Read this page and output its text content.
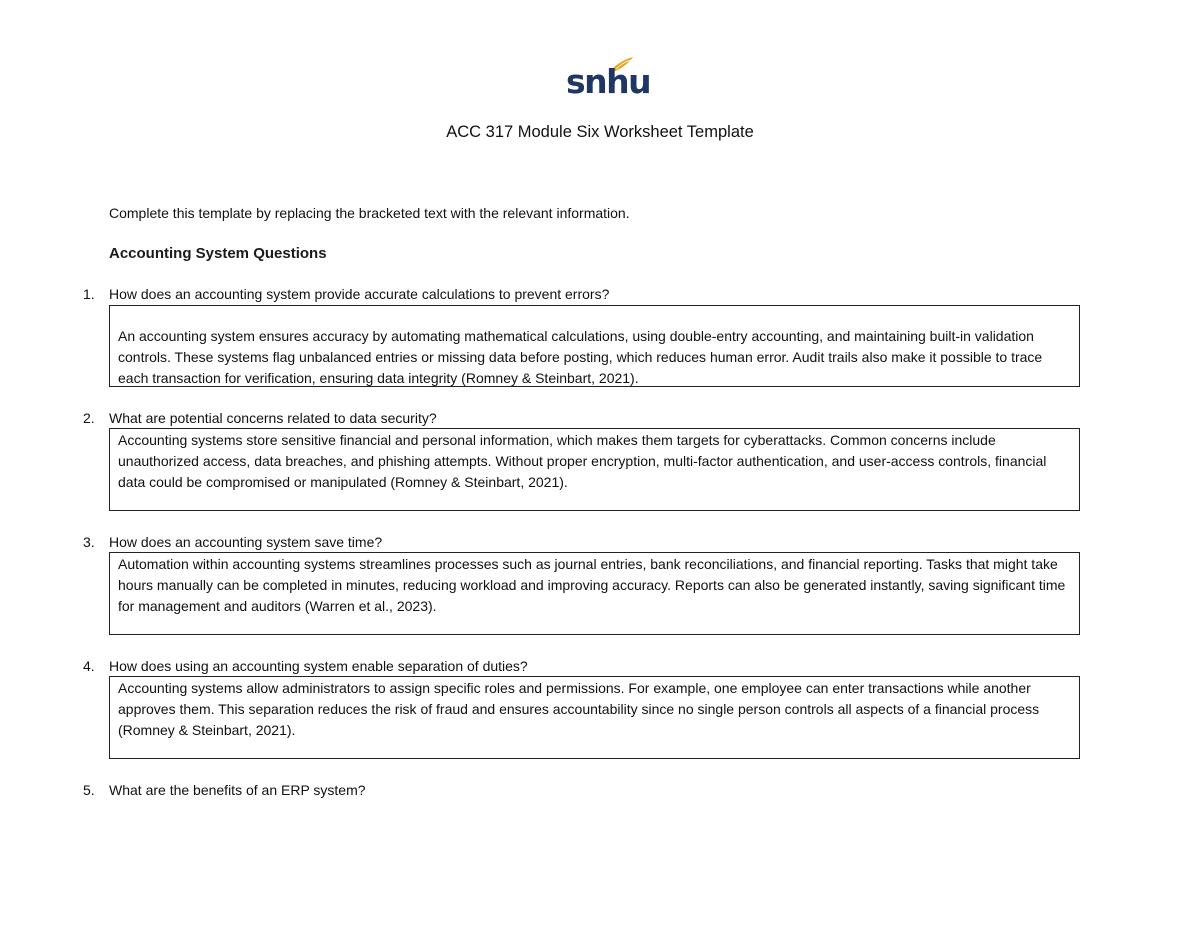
snhu
ACC 317 Module Six Worksheet Template
Complete this template by replacing the bracketed text with the relevant information.
Accounting System Questions
1. How does an accounting system provide accurate calculations to prevent errors?

An accounting system ensures accuracy by automating mathematical calculations, using double-entry accounting, and maintaining built-in validation controls. These systems flag unbalanced entries or missing data before posting, which reduces human error. Audit trails also make it possible to trace each transaction for verification, ensuring data integrity (Romney & Steinbart, 2021).

2. What are potential concerns related to data security?

Accounting systems store sensitive financial and personal information, which makes them targets for cyberattacks. Common concerns include unauthorized access, data breaches, and phishing attempts. Without proper encryption, multi-factor authentication, and user-access controls, financial data could be compromised or manipulated (Romney & Steinbart, 2021).

3. How does an accounting system save time?

Automation within accounting systems streamlines processes such as journal entries, bank reconciliations, and financial reporting. Tasks that might take hours manually can be completed in minutes, reducing workload and improving accuracy. Reports can also be generated instantly, saving significant time for management and auditors (Warren et al., 2023).

4. How does using an accounting system enable separation of duties?

Accounting systems allow administrators to assign specific roles and permissions. For example, one employee can enter transactions while another approves them. This separation reduces the risk of fraud and ensures accountability since no single person controls all aspects of a financial process (Romney & Steinbart, 2021).

5. What are the benefits of an ERP system?
